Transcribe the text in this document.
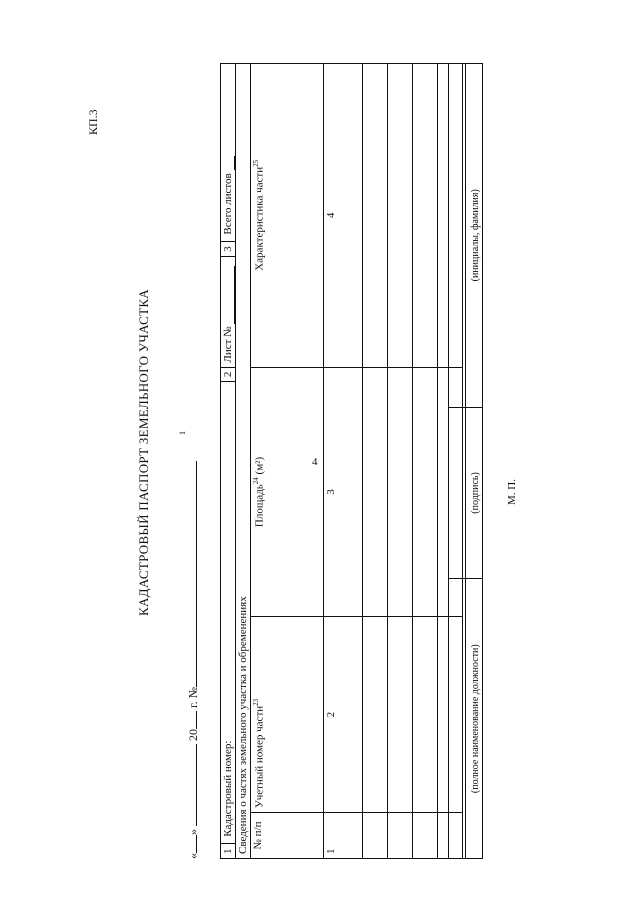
4
КП.3
КАДАСТРОВЫЙ ПАСПОРТ ЗЕМЕЛЬНОГО УЧАСТКА
«»  20 г. №
1
1 Кадастровый номер:
2			Лист №  3 Всего листов
Сведения о частях земельного участка и обременениях			
№ п/п	Учетный номер части$^{23}$	Площадь$^{24}$ (м²)	Характеристика части$^{25}$
1	2	3	4

(полное наименование должности)	(подпись)	(инициалы, фамилия)
М. П.
